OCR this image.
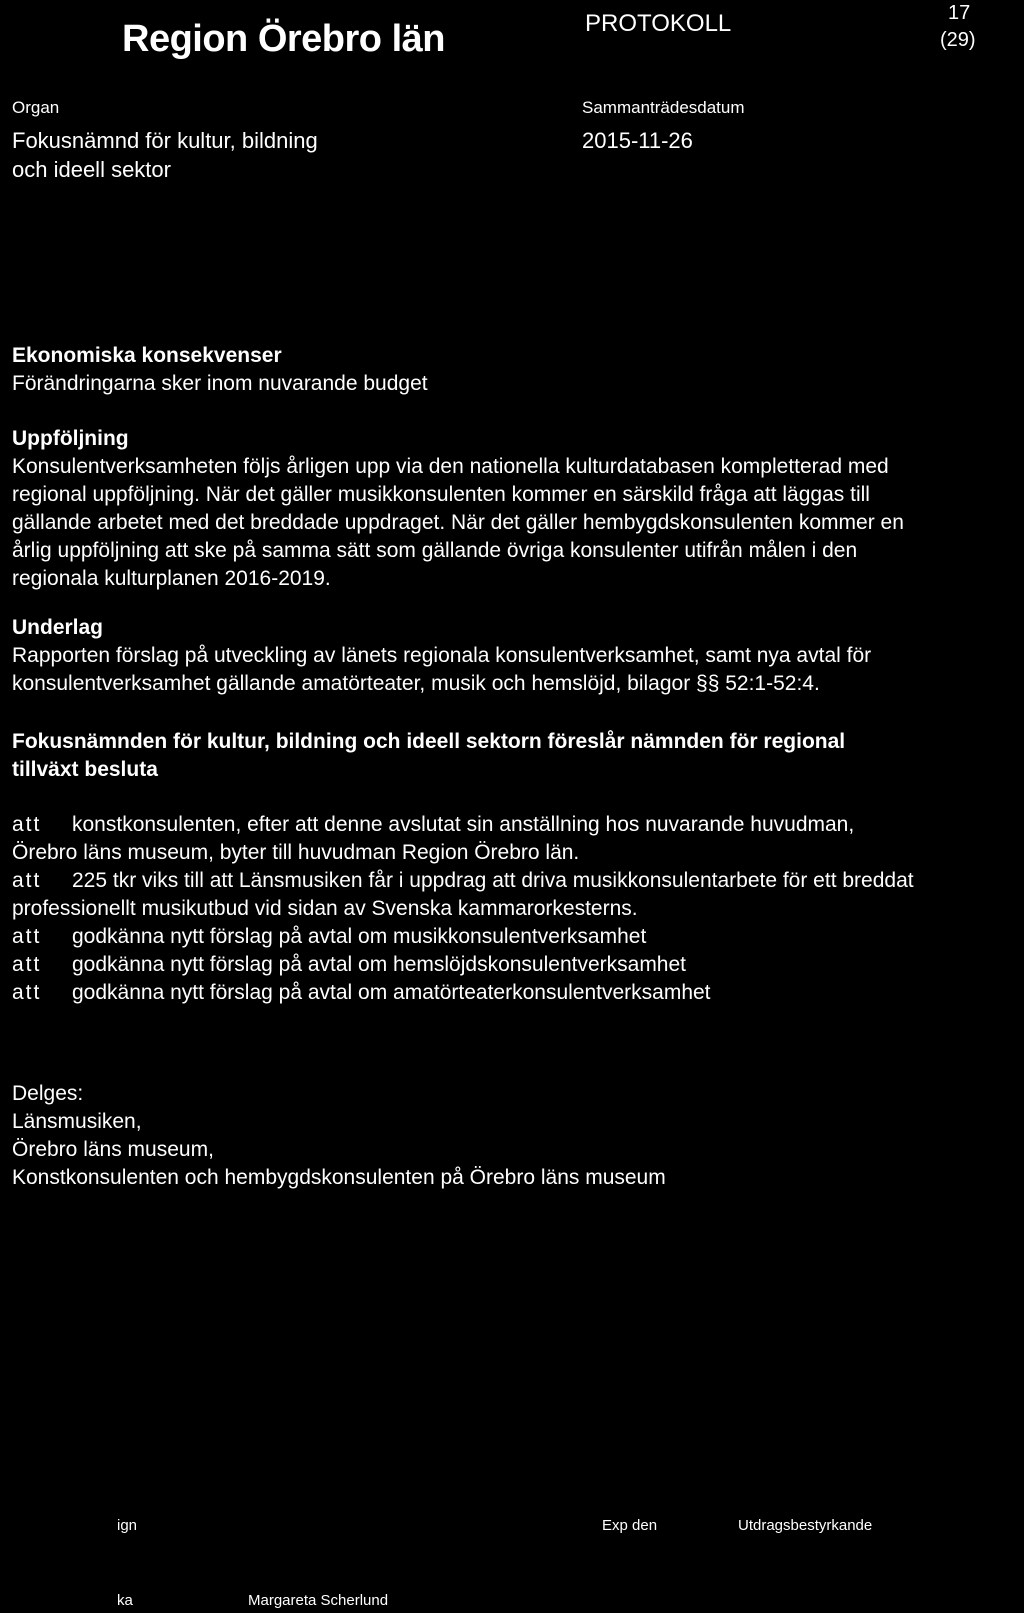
Region Örebro län	PROTOKOLL	17
(29)
Organ
Fokusnämnd för kultur, bildning
och ideell sektor
Sammanträdesdatum
2015-11-26
Ekonomiska konsekvenser

Förändringarna sker inom nuvarande budget

Uppföljning

Konsulentverksamheten följs årligen upp via den nationella kulturdatabasen kompletterad med

regional uppföljning. När det gäller musikkonsulenten kommer en särskild fråga att läggas till

gällande arbetet med det breddade uppdraget. När det gäller hembygdskonsulenten kommer en

årlig uppföljning att ske på samma sätt som gällande övriga konsulenter utifrån målen i den

regionala kulturplanen 2016-2019.

Underlag

Rapporten förslag på utveckling av länets regionala konsulentverksamhet, samt nya avtal för

konsulentverksamhet gällande amatörteater, musik och hemslöjd, bilagor §§ 52:1-52:4.

Fokusnämnden för kultur, bildning och ideell sektorn föreslår nämnden för regional
tillväxt besluta
att konstkonsulenten, efter att denne avslutat sin anställning hos nuvarande huvudman,
Örebro läns museum, byter till huvudman Region Örebro län.
att 225 tkr viks till att Länsmusiken får i uppdrag att driva musikkonsulentarbete för ett breddat
professionellt musikutbud vid sidan av Svenska kammarorkesterns.
att godkänna nytt förslag på avtal om musikkonsulentverksamhet
att godkänna nytt förslag på avtal om hemslöjdskonsulentverksamhet
att godkänna nytt förslag på avtal om amatörteaterkonsulentverksamhet
Delges:
Länsmusiken,
Örebro läns museum,
Konstkonsulenten och hembygdskonsulenten på Örebro läns museum
ign	Exp den	Utdragsbestyrkande
ka	Margareta Scherlund
